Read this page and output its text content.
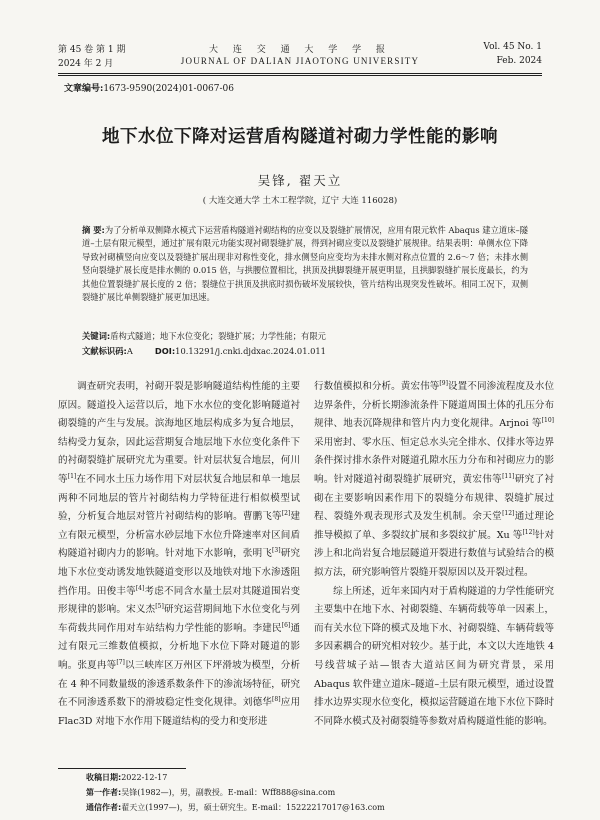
第 45 卷 第 1 期	大 连 交 通 大 学 学 报	Vol. 45 No. 1
2024 年 2 月	JOURNAL OF DALIAN JIAOTONG UNIVERSITY	Feb. 2024
文章编号:1673-9590(2024)01-0067-06
地下水位下降对运营盾构隧道衬砌力学性能的影响
吴锋, 翟天立
( 大连交通大学 土木工程学院，辽宁 大连 116028)
摘 要:为了分析单双侧降水模式下运营盾构隧道衬砌结构的应变以及裂缝扩展情况，应用有限元软件 Abaqus 建立道床–隧道–土层有限元模型，通过扩展有限元功能实现衬砌裂缝扩展，得到衬砌应变以及裂缝扩展规律。结果表明：单侧水位下降导致衬砌横竖向应变以及裂缝扩展出现非对称性变化，排水侧竖向应变均为未排水侧对称点位置的 2.6～7 倍；未排水侧竖向裂缝扩展长度是排水侧的 0.015 倍，与拱腰位置相比，拱顶及拱脚裂缝开展更明显，且拱脚裂缝扩展长度最长，约为其他位置裂缝扩展长度的 2 倍；裂缝位于拱顶及拱底时损伤破坏发展较快，管片结构出现突发性破坏。相同工况下，双侧裂缝扩展比单侧裂缝扩展更加迅速。
关键词:盾构式隧道；地下水位变化；裂缝扩展；力学性能；有限元
文献标识码:A	DOI:10.13291/j.cnki.djdxac.2024.01.011

调查研究表明，衬砌开裂是影响隧道结构性能的主要原因。隧道投入运营以后，地下水水位的变化影响隧道衬砌裂缝的产生与发展。滨海地区地层构成多为复合地层，结构受力复杂，因此运营期复合地层地下水位变化条件下的衬砌裂缝扩展研究尤为重要。针对层状复合地层，何川等[1]在不同水土压力场作用下对层状复合地层和单一地层两种不同地层的管片衬砌结构力学特征进行相似模型试验，分析复合地层对管片衬砌结构的影响。曹鹏飞等[2]建立有限元模型，分析富水砂层地下水位升降速率对区间盾构隧道衬砌内力的影响。针对地下水影响，张明飞[3]研究地下水位变动诱发地铁隧道变形以及地铁对地下水渗透阻挡作用。田俊丰等[4]考虑不同含水量土层对其隧道围岩变形规律的影响。宋义杰[5]研究运营期间地下水位变化与列车荷载共同作用对车站结构力学性能的影响。李建民[6]通过有限元三维数值模拟，分析地下水位下降对隧道的影响。张夏冉等[7]以三峡库区万州区下坪滑坡为模型，分析在 4 种不同数量级的渗透系数条件下的渗流场特征，研究在不同渗透系数下的滑坡稳定性变化规律。刘德华[8]应用 Flac3D 对地下水作用下隧道结构的受力和变形进

行数值模拟和分析。黄宏伟等[9]设置不同渗流程度及水位边界条件，分析长期渗流条件下隧道周围土体的孔压分布规律、地表沉降规律和管片内力变化规律。Arjnoi 等[10]采用密封、零水压、恒定总水头完全排水、仅排水等边界条件探讨排水条件对隧道孔隙水压力分布和衬砌应力的影响。针对隧道衬砌裂缝扩展研究，黄宏伟等[11]研究了衬砌在主要影响因素作用下的裂缝分布规律、裂缝扩展过程、裂缝外观表现形式及发生机制。余天堂[12]通过理论推导模拟了单、多裂纹扩展和多裂纹扩展。Xu 等[12]针对涉上和北尚岩复合地层隧道开裂进行数值与试验结合的模拟方法，研究影响管片裂缝开裂原因以及开裂过程。

综上所述，近年来国内对于盾构隧道的力学性能研究主要集中在地下水、衬砌裂缝、车辆荷载等单一因素上，而有关水位下降的模式及地下水、衬砌裂缝、车辆荷载等多因素耦合的研究相对较少。基于此，本文以大连地铁 4 号线营城子站—银杏大道站区间为研究背景，采用 Abaqus 软件建立道床–隧道–土层有限元模型，通过设置排水边界实现水位变化，模拟运营隧道在地下水位下降时不同降水模式及衬砌裂缝等参数对盾构隧道性能的影响。

收稿日期:2022-12-17
第一作者:吴锋(1982—)，男，副教授。E-mail：Wff888@sina.com
通信作者:翟天立(1997—)，男，硕士研究生。E-mail：15222217017@163.com
